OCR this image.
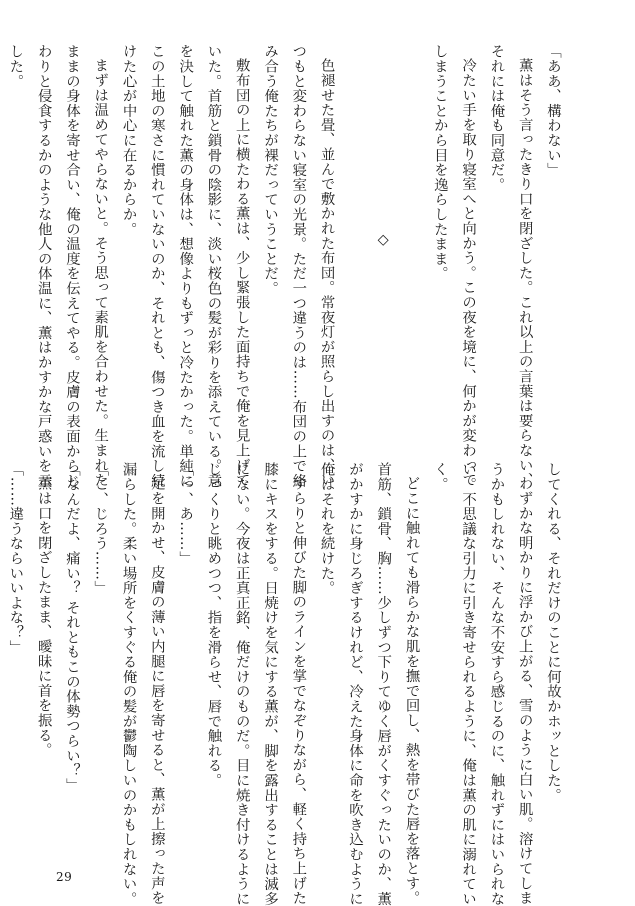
「ああ、構わない」
薫はそう言ったきり口を閉ざした。これ以上の言葉は要らない、
それには俺も同意だ。
冷たい手を取り寝室へと向かう。この夜を境に、何かが変わって
しまうことから目を逸らしたまま。

◇

色褪せた畳、並んで敷かれた布団。常夜灯が照らし出すのは、い
つもと変わらない寝室の光景。ただ一つ違うのは……布団の上で絡
み合う俺たちが裸だっていうことだ。
敷布団の上に横たわる薫は、少し緊張した面持ちで俺を見上げて
いた。首筋と鎖骨の陰影に、淡い桜色の髪が彩りを添えている。意
を決して触れた薫の身体は、想像よりもずっと冷たかった。単純に
この土地の寒さに慣れていないのか、それとも、傷つき血を流し続
けた心が中心に在るからか。
まずは温めてやらないと。そう思って素肌を合わせた。生まれた
ままの身体を寄せ合い、俺の温度を伝えてやる。皮膚の表面からじ
わりと侵食するかのような他人の体温に、薫はかすかな戸惑いを示
した。
してくれる、それだけのことに何故かホッとした。
わずかな明かりに浮かび上がる、雪のように白い肌。溶けてしま
うかもしれない、そんな不安すら感じるのに、触れずにはいられな
い。不思議な引力に引き寄せられるように、俺は薫の肌に溺れてい
く。
どこに触れても滑らかな肌を撫で回し、熱を帯びた唇を落とす。
首筋、鎖骨、胸……少しずつ下りてゆく唇がくすぐったいのか、薫
がかすかに身じろぎするけれど、冷えた身体に命を吹き込むように
俺はそれを続けた。
すらりと伸びた脚のラインを掌でなぞりながら、軽く持ち上げた
膝にキスをする。日焼けを気にする薫が、脚を露出することは滅多
にない。今夜は正真正銘、俺だけのものだ。目に焼き付けるように
じっくりと眺めつつ、指を滑らせ、唇で触れる。
「っ、あ……」
足を開かせ、皮膚の薄い内腿に唇を寄せると、薫が上擦った声を
漏らした。柔い場所をくすぐる俺の髪が鬱陶しいのかもしれない。
「こ、じろう……」
「なんだよ、痛い？ それともこの体勢つらい？」
薫は口を閉ざしたまま、曖昧に首を振る。
「……違うならいいよな？」
29
